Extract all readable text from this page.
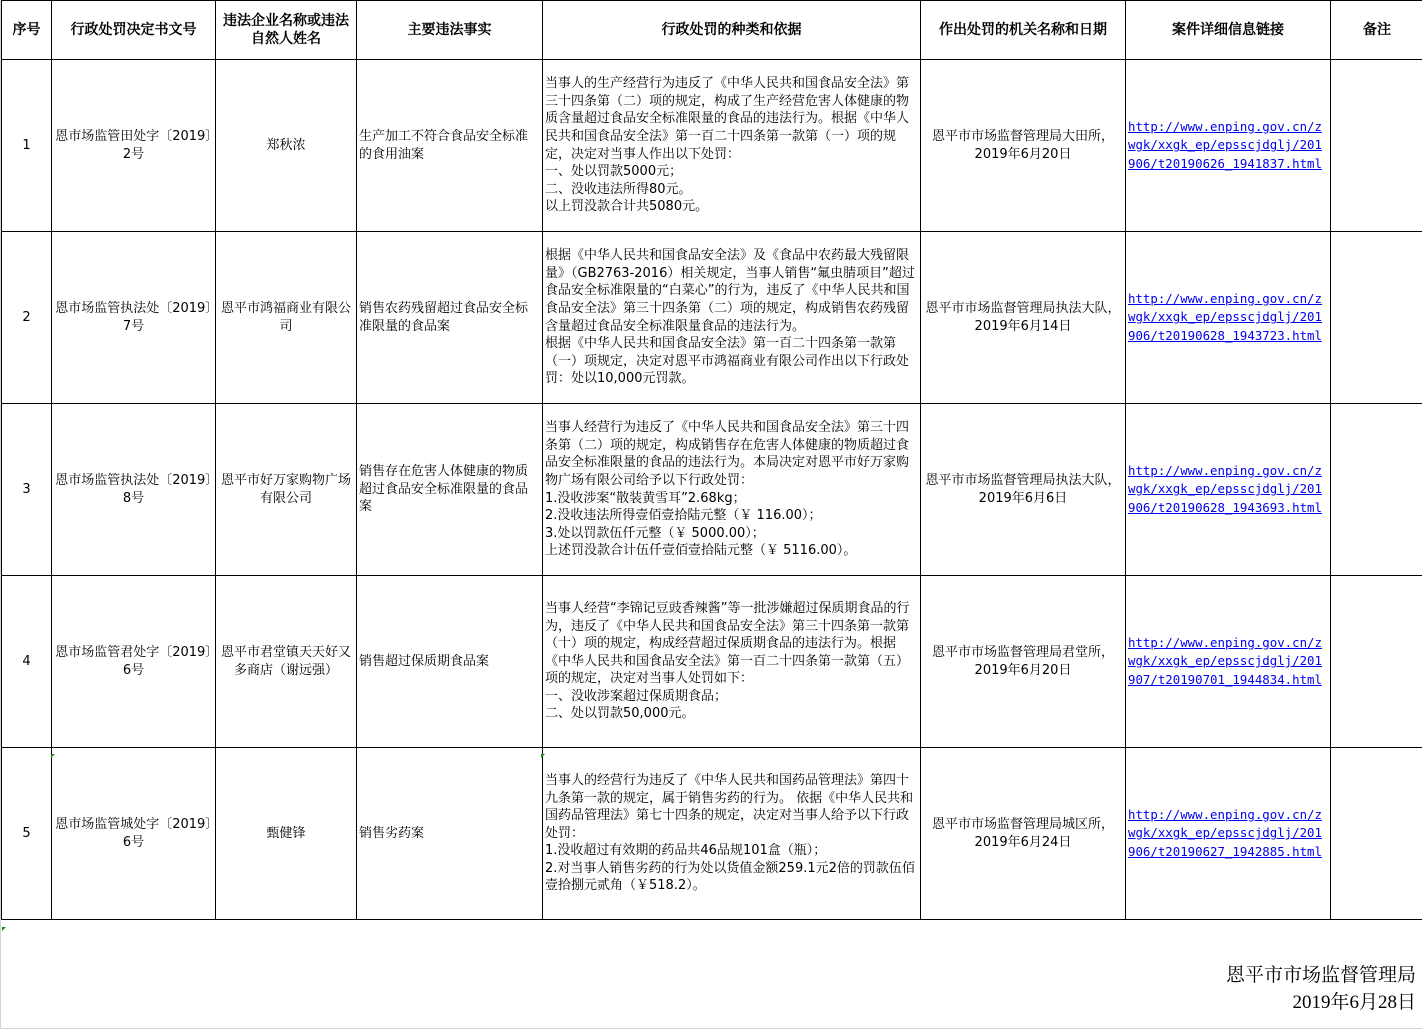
序号	行政处罚决定书文号	违法企业名称或违法自然人姓名	主要违法事实	行政处罚的种类和依据	作出处罚的机关名称和日期	案件详细信息链接	备注
1	恩市场监管田处字〔2019〕2号	郑秋浓	生产加工不符合食品安全标准的食用油案	当事人的生产经营行为违反了《中华人民共和国食品安全法》第三十四条第（二）项的规定，构成了生产经营危害人体健康的物质含量超过食品安全标准限量的食品的违法行为。根据《中华人民共和国食品安全法》第一百二十四条第一款第（一）项的规定，决定对当事人作出以下处罚：
一、处以罚款5000元；
二、没收违法所得80元。
以上罚没款合计共5080元。	恩平市市场监督管理局大田所，2019年6月20日	http://www.enping.gov.cn/zwgk/xxgk_ep/epsscjdglj/201906/t20190626_1941837.html	
2	恩市场监管执法处〔2019〕7号	恩平市鸿福商业有限公司	销售农药残留超过食品安全标准限量的食品案	根据《中华人民共和国食品安全法》及《食品中农药最大残留限量》（GB2763-2016）相关规定，当事人销售“氟虫腈项目”超过食品安全标准限量的“白菜心”的行为，违反了《中华人民共和国食品安全法》第三十四条第（二）项的规定，构成销售农药残留含量超过食品安全标准限量食品的违法行为。
根据《中华人民共和国食品安全法》第一百二十四条第一款第（一）项规定，决定对恩平市鸿福商业有限公司作出以下行政处罚：处以10,000元罚款。	恩平市市场监督管理局执法大队，2019年6月14日	http://www.enping.gov.cn/zwgk/xxgk_ep/epsscjdglj/201906/t20190628_1943723.html	
3	恩市场监管执法处〔2019〕8号	恩平市好万家购物广场有限公司	销售存在危害人体健康的物质超过食品安全标准限量的食品案	当事人经营行为违反了《中华人民共和国食品安全法》第三十四条第（二）项的规定，构成销售存在危害人体健康的物质超过食品安全标准限量的食品的违法行为。本局决定对恩平市好万家购物广场有限公司给予以下行政处罚：
1.没收涉案“散装黄雪耳”2.68kg；
2.没收违法所得壹佰壹拾陆元整（￥ 116.00）；
3.处以罚款伍仟元整（￥ 5000.00）；
上述罚没款合计伍仟壹佰壹拾陆元整（￥ 5116.00）。	恩平市市场监督管理局执法大队，2019年6月6日	http://www.enping.gov.cn/zwgk/xxgk_ep/epsscjdglj/201906/t20190628_1943693.html	
4	恩市场监管君处字〔2019〕6号	恩平市君堂镇天天好又多商店（谢远强）	销售超过保质期食品案	当事人经营“李锦记豆豉香辣酱”等一批涉嫌超过保质期食品的行为，违反了《中华人民共和国食品安全法》第三十四条第一款第（十）项的规定，构成经营超过保质期食品的违法行为。根据《中华人民共和国食品安全法》第一百二十四条第一款第（五）项的规定，决定对当事人处罚如下：
一、没收涉案超过保质期食品；
二、处以罚款50,000元。	恩平市市场监督管理局君堂所，2019年6月20日	http://www.enping.gov.cn/zwgk/xxgk_ep/epsscjdglj/201907/t20190701_1944834.html	
5	恩市场监管城处字〔2019〕6号	甄健锋	销售劣药案	当事人的经营行为违反了《中华人民共和国药品管理法》第四十九条第一款的规定，属于销售劣药的行为。 依据《中华人民共和国药品管理法》第七十四条的规定，决定对当事人给予以下行政处罚：
1.没收超过有效期的药品共46品规101盒（瓶）；
2.对当事人销售劣药的行为处以货值金额259.1元2倍的罚款伍佰壹拾捌元贰角（￥518.2）。	恩平市市场监督管理局城区所，2019年6月24日	http://www.enping.gov.cn/zwgk/xxgk_ep/epsscjdglj/201906/t20190627_1942885.html	
恩平市市场监督管理局
2019年6月28日
